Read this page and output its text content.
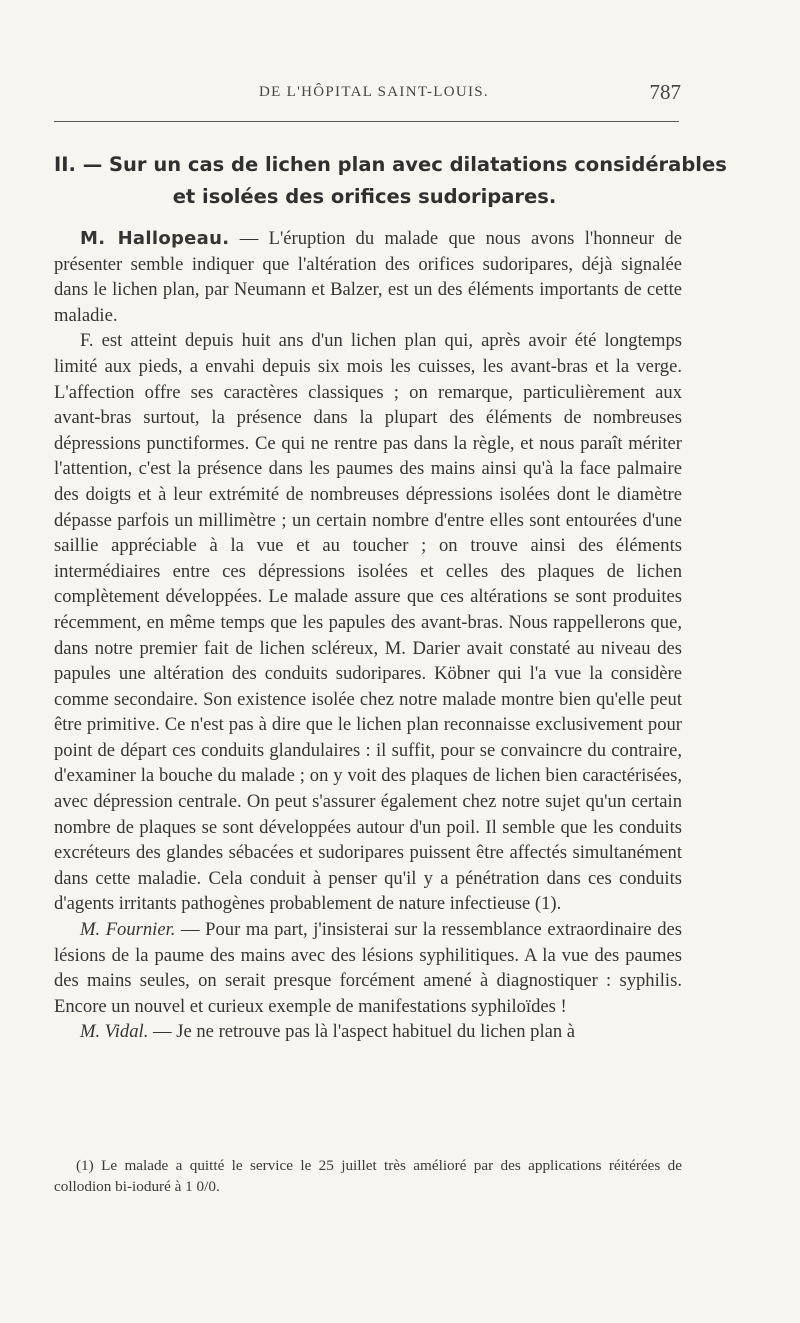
DE L'HÔPITAL SAINT-LOUIS.	787
II. — Sur un cas de lichen plan avec dilatations considérables
et isolées des orifices sudoripares.

M. Hallopeau. — L'éruption du malade que nous avons l'honneur de présenter semble indiquer que l'altération des orifices sudoripares, déjà signalée dans le lichen plan, par Neumann et Balzer, est un des éléments importants de cette maladie.

F. est atteint depuis huit ans d'un lichen plan qui, après avoir été longtemps limité aux pieds, a envahi depuis six mois les cuisses, les avant-bras et la verge. L'affection offre ses caractères classiques ; on remarque, particulièrement aux avant-bras surtout, la présence dans la plupart des éléments de nombreuses dépressions punctiformes. Ce qui ne rentre pas dans la règle, et nous paraît mériter l'attention, c'est la présence dans les paumes des mains ainsi qu'à la face palmaire des doigts et à leur extrémité de nombreuses dépressions isolées dont le diamètre dépasse parfois un millimètre ; un certain nombre d'entre elles sont entourées d'une saillie appréciable à la vue et au toucher ; on trouve ainsi des éléments intermédiaires entre ces dépressions isolées et celles des plaques de lichen complètement développées. Le malade assure que ces altérations se sont produites récemment, en même temps que les papules des avant-bras. Nous rappellerons que, dans notre premier fait de lichen scléreux, M. Darier avait constaté au niveau des papules une altération des conduits sudoripares. Köbner qui l'a vue la considère comme secondaire. Son existence isolée chez notre malade montre bien qu'elle peut être primitive. Ce n'est pas à dire que le lichen plan reconnaisse exclusivement pour point de départ ces conduits glandulaires : il suffit, pour se convaincre du contraire, d'examiner la bouche du malade ; on y voit des plaques de lichen bien caractérisées, avec dépression centrale. On peut s'assurer également chez notre sujet qu'un certain nombre de plaques se sont développées autour d'un poil. Il semble que les conduits excréteurs des glandes sébacées et sudoripares puissent être affectés simultanément dans cette maladie. Cela conduit à penser qu'il y a pénétration dans ces conduits d'agents irritants pathogènes probablement de nature infectieuse (1).

M. Fournier. — Pour ma part, j'insisterai sur la ressemblance extraordinaire des lésions de la paume des mains avec des lésions syphilitiques. A la vue des paumes des mains seules, on serait presque forcément amené à diagnostiquer : syphilis. Encore un nouvel et curieux exemple de manifestations syphiloïdes !

M. Vidal. — Je ne retrouve pas là l'aspect habituel du lichen plan à

(1) Le malade a quitté le service le 25 juillet très amélioré par des applications réitérées de collodion bi-ioduré à 1 0/0.
